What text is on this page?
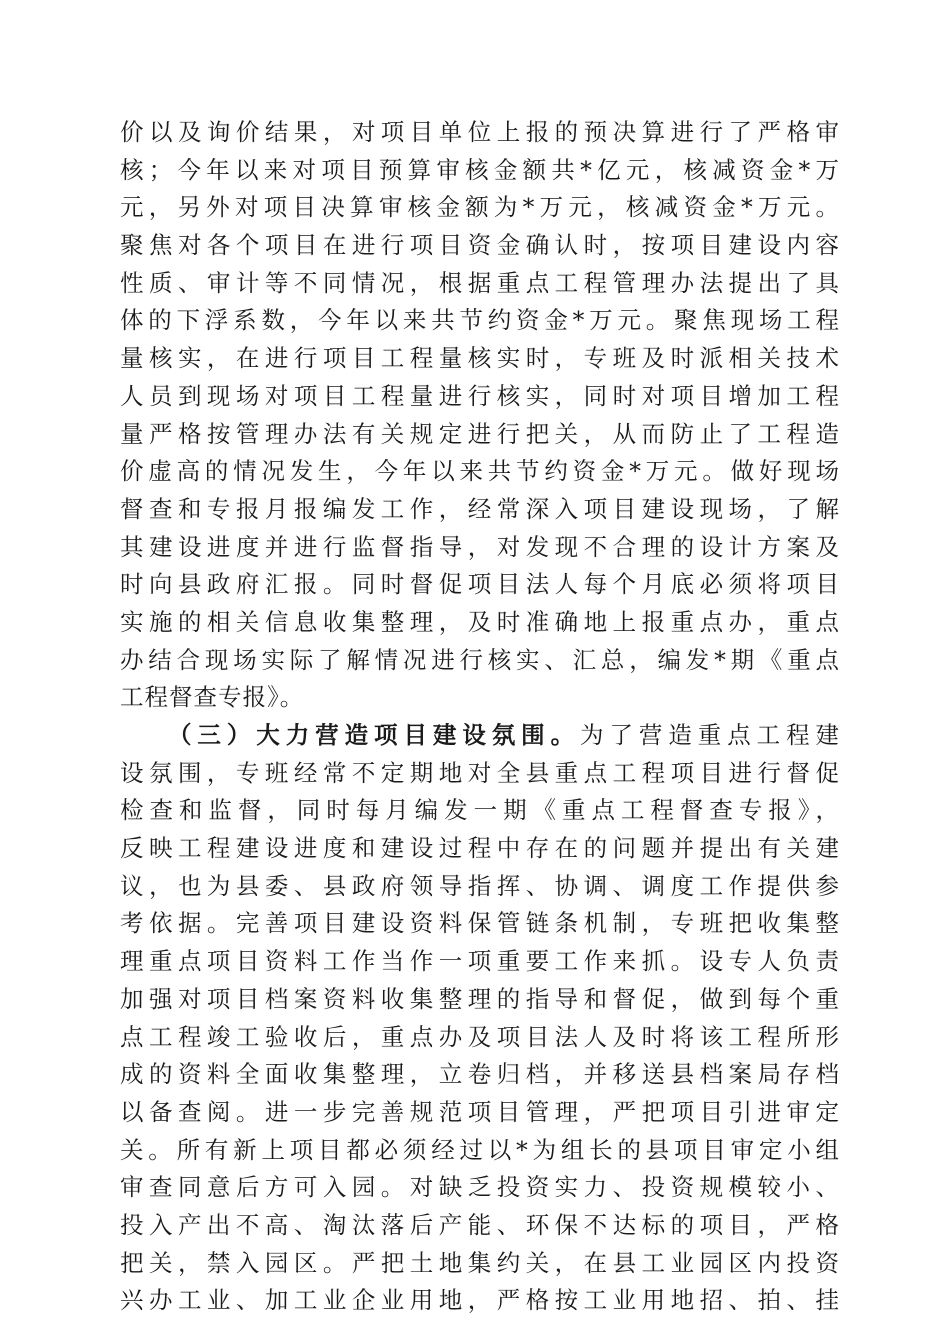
价以及询价结果，对项目单位上报的预决算进行了严格审
核；今年以来对项目预算审核金额共*亿元，核减资金*万
元，另外对项目决算审核金额为*万元，核减资金*万元。
聚焦对各个项目在进行项目资金确认时，按项目建设内容
性质、审计等不同情况，根据重点工程管理办法提出了具
体的下浮系数，今年以来共节约资金*万元。聚焦现场工程
量核实，在进行项目工程量核实时，专班及时派相关技术
人员到现场对项目工程量进行核实，同时对项目增加工程
量严格按管理办法有关规定进行把关，从而防止了工程造
价虚高的情况发生，今年以来共节约资金*万元。做好现场
督查和专报月报编发工作，经常深入项目建设现场，了解
其建设进度并进行监督指导，对发现不合理的设计方案及
时向县政府汇报。同时督促项目法人每个月底必须将项目
实施的相关信息收集整理，及时准确地上报重点办，重点
办结合现场实际了解情况进行核实、汇总，编发*期《重点
工程督查专报》。
（三）大力营造项目建设氛围。为了营造重点工程建
设氛围，专班经常不定期地对全县重点工程项目进行督促
检查和监督，同时每月编发一期《重点工程督查专报》，
反映工程建设进度和建设过程中存在的问题并提出有关建
议，也为县委、县政府领导指挥、协调、调度工作提供参
考依据。完善项目建设资料保管链条机制，专班把收集整
理重点项目资料工作当作一项重要工作来抓。设专人负责
加强对项目档案资料收集整理的指导和督促，做到每个重
点工程竣工验收后，重点办及项目法人及时将该工程所形
成的资料全面收集整理，立卷归档，并移送县档案局存档
以备查阅。进一步完善规范项目管理，严把项目引进审定
关。所有新上项目都必须经过以*为组长的县项目审定小组
审查同意后方可入园。对缺乏投资实力、投资规模较小、
投入产出不高、淘汰落后产能、环保不达标的项目，严格
把关，禁入园区。严把土地集约关，在县工业园区内投资
兴办工业、加工业企业用地，严格按工业用地招、拍、挂
